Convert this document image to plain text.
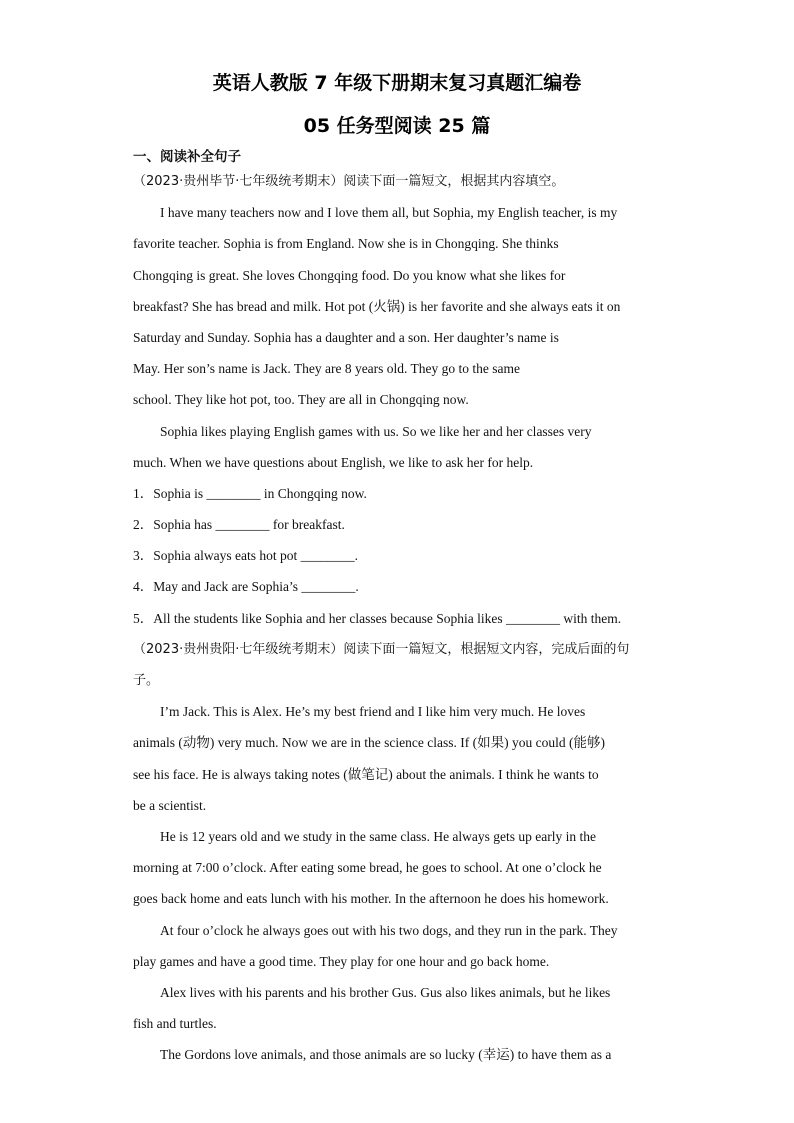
英语人教版 7 年级下册期末复习真题汇编卷
05 任务型阅读 25 篇
一、阅读补全句子
（2023·贵州毕节·七年级统考期末）阅读下面一篇短文，根据其内容填空。
I have many teachers now and I love them all, but Sophia, my English teacher, is my
favorite teacher. Sophia is from England. Now she is in Chongqing. She thinks
Chongqing is great. She loves Chongqing food. Do you know what she likes for
breakfast? She has bread and milk. Hot pot (火锅) is her favorite and she always eats it on
Saturday and Sunday. Sophia has a daughter and a son. Her daughter’s name is
May. Her son’s name is Jack. They are 8 years old. They go to the same
school. They like hot pot, too. They are all in Chongqing now.
Sophia likes playing English games with us. So we like her and her classes very
much. When we have questions about English, we like to ask her for help.
1．Sophia is ________ in Chongqing now.
2．Sophia has ________ for breakfast.
3．Sophia always eats hot pot ________.
4．May and Jack are Sophia’s ________.
5．All the students like Sophia and her classes because Sophia likes ________ with them.
（2023·贵州贵阳·七年级统考期末）阅读下面一篇短文，根据短文内容，完成后面的句
子。
I’m Jack. This is Alex. He’s my best friend and I like him very much. He loves
animals (动物) very much. Now we are in the science class. If (如果) you could (能够)
see his face. He is always taking notes (做笔记) about the animals. I think he wants to
be a scientist.
He is 12 years old and we study in the same class. He always gets up early in the
morning at 7:00 o’clock. After eating some bread, he goes to school. At one o’clock he
goes back home and eats lunch with his mother. In the afternoon he does his homework.
At four o’clock he always goes out with his two dogs, and they run in the park. They
play games and have a good time. They play for one hour and go back home.
Alex lives with his parents and his brother Gus. Gus also likes animals, but he likes
fish and turtles.
The Gordons love animals, and those animals are so lucky (幸运) to have them as a
